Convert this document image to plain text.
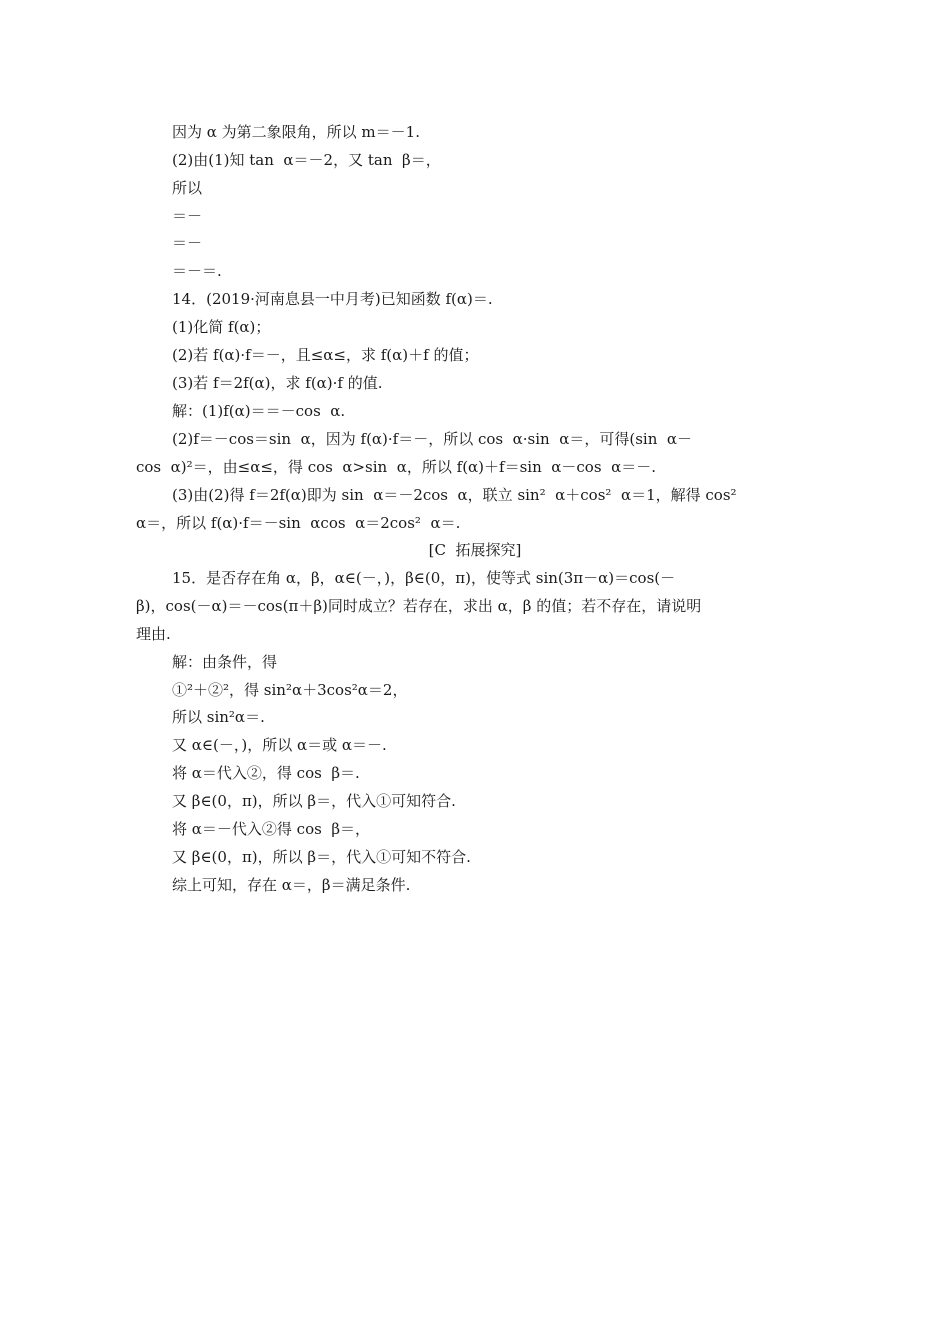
因为 α 为第二象限角，所以 m＝－1.
(2)由(1)知 tan  α＝－2，又 tan  β＝，
所以
＝－
＝－
＝－＝.
14．(2019·河南息县一中月考)已知函数 f(α)＝.
(1)化简 f(α)；
(2)若 f(α)·f＝－，且≤α≤，求 f(α)＋f 的值；
(3)若 f＝2f(α)，求 f(α)·f 的值.
解：(1)f(α)＝＝－cos  α.
(2)f＝－cos＝sin  α，因为 f(α)·f＝－，所以 cos  α·sin  α＝，可得(sin  α－
cos  α)²＝，由≤α≤，得 cos  α>sin  α，所以 f(α)＋f＝sin  α－cos  α＝－.
(3)由(2)得 f＝2f(α)即为 sin  α＝－2cos  α，联立 sin²  α＋cos²  α＝1，解得 cos²
α＝，所以 f(α)·f＝－sin  αcos  α＝2cos²  α＝.
[C  拓展探究]
15．是否存在角 α，β，α∈(－，)，β∈(0，π)，使等式 sin(3π－α)＝cos(－
β)，cos(－α)＝－cos(π＋β)同时成立？若存在，求出 α，β 的值；若不存在，请说明
理由.
解：由条件，得
①²＋②²，得 sin²α＋3cos²α＝2，
所以 sin²α＝.
又 α∈(－，)，所以 α＝或 α＝－.
将 α＝代入②，得 cos  β＝.
又 β∈(0，π)，所以 β＝，代入①可知符合.
将 α＝－代入②得 cos  β＝，
又 β∈(0，π)，所以 β＝，代入①可知不符合.
综上可知，存在 α＝，β＝满足条件.
